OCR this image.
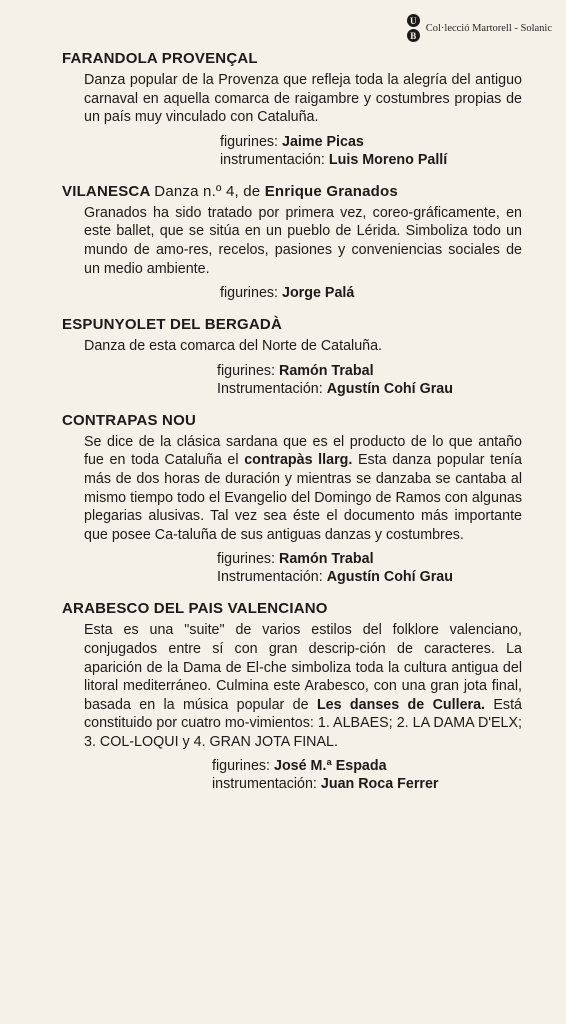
U
B
Col·lecció Martorell - Solanic

FARANDOLA PROVENÇAL

Danza popular de la Provenza que refleja toda la alegría del antiguo carnaval en aquella comarca de raigambre y costumbres propias de un país muy vinculado con Cataluña.

figurines: Jaime Picas
instrumentación: Luis Moreno Pallí

VILANESCA Danza n.º 4, de Enrique Granados

Granados ha sido tratado por primera vez, coreo-gráficamente, en este ballet, que se sitúa en un pueblo de Lérida. Simboliza todo un mundo de amo-res, recelos, pasiones y conveniencias sociales de un medio ambiente.

figurines: Jorge Palá

ESPUNYOLET DEL BERGADÀ

Danza de esta comarca del Norte de Cataluña.

figurines: Ramón Trabal
Instrumentación: Agustín Cohí Grau

CONTRAPAS NOU

Se dice de la clásica sardana que es el producto de lo que antaño fue en toda Cataluña el contrapàs llarg. Esta danza popular tenía más de dos horas de duración y mientras se danzaba se cantaba al mismo tiempo todo el Evangelio del Domingo de Ramos con algunas plegarias alusivas. Tal vez sea éste el documento más importante que posee Ca-taluña de sus antiguas danzas y costumbres.

figurines: Ramón Trabal
Instrumentación: Agustín Cohí Grau

ARABESCO DEL PAIS VALENCIANO

Esta es una "suite" de varios estilos del folklore valenciano, conjugados entre sí con gran descrip-ción de caracteres. La aparición de la Dama de El-che simboliza toda la cultura antigua del litoral mediterráneo. Culmina este Arabesco, con una gran jota final, basada en la música popular de Les danses de Cullera. Está constituido por cuatro mo-vimientos: 1. ALBAES; 2. LA DAMA D'ELX; 3. COL-LOQUI y 4. GRAN JOTA FINAL.

figurines: José M.ª Espada
instrumentación: Juan Roca Ferrer
